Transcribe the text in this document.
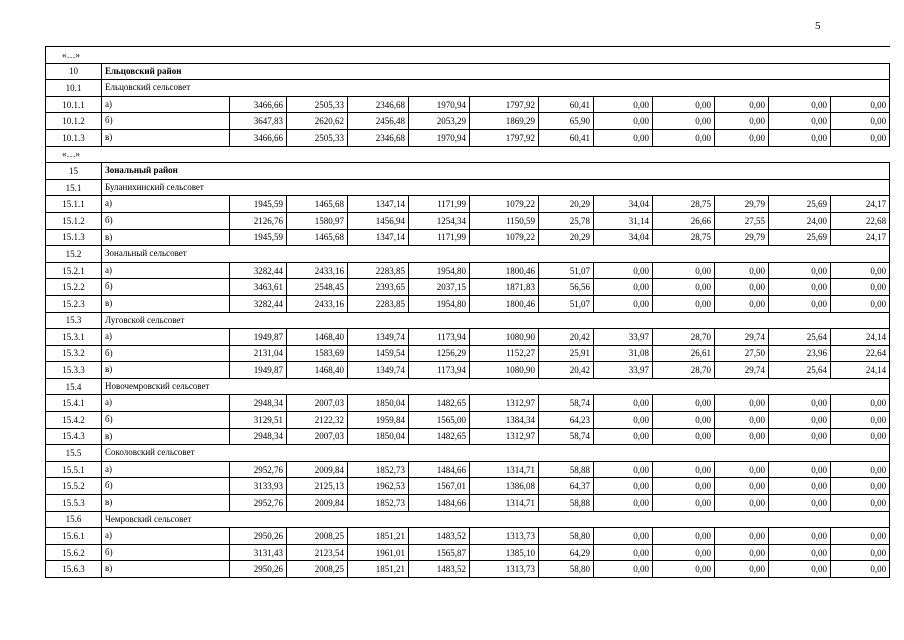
5
«…»												
10	Ельцовский район											
10.1	Ельцовский сельсовет											
10.1.1	а)	3466,66	2505,33	2346,68	1970,94	1797,92	60,41	0,00	0,00	0,00	0,00	0,00
10.1.2	б)	3647,83	2620,62	2456,48	2053,29	1869,29	65,90	0,00	0,00	0,00	0,00	0,00
10.1.3	в)	3466,66	2505,33	2346,68	1970,94	1797,92	60,41	0,00	0,00	0,00	0,00	0,00
«…»												
15	Зональный район											
15.1	Буланихинский сельсовет											
15.1.1	а)	1945,59	1465,68	1347,14	1171,99	1079,22	20,29	34,04	28,75	29,79	25,69	24,17
15.1.2	б)	2126,76	1580,97	1456,94	1254,34	1150,59	25,78	31,14	26,66	27,55	24,00	22,68
15.1.3	в)	1945,59	1465,68	1347,14	1171,99	1079,22	20,29	34,04	28,75	29,79	25,69	24,17
15.2	Зональный сельсовет											
15.2.1	а)	3282,44	2433,16	2283,85	1954,80	1800,46	51,07	0,00	0,00	0,00	0,00	0,00
15.2.2	б)	3463,61	2548,45	2393,65	2037,15	1871,83	56,56	0,00	0,00	0,00	0,00	0,00
15.2.3	в)	3282,44	2433,16	2283,85	1954,80	1800,46	51,07	0,00	0,00	0,00	0,00	0,00
15.3	Луговской сельсовет											
15.3.1	а)	1949,87	1468,40	1349,74	1173,94	1080,90	20,42	33,97	28,70	29,74	25,64	24,14
15.3.2	б)	2131,04	1583,69	1459,54	1256,29	1152,27	25,91	31,08	26,61	27,50	23,96	22,64
15.3.3	в)	1949,87	1468,40	1349,74	1173,94	1080,90	20,42	33,97	28,70	29,74	25,64	24,14
15.4	Новочемровский сельсовет											
15.4.1	а)	2948,34	2007,03	1850,04	1482,65	1312,97	58,74	0,00	0,00	0,00	0,00	0,00
15.4.2	б)	3129,51	2122,32	1959,84	1565,00	1384,34	64,23	0,00	0,00	0,00	0,00	0,00
15.4.3	в)	2948,34	2007,03	1850,04	1482,65	1312,97	58,74	0,00	0,00	0,00	0,00	0,00
15.5	Соколовский сельсовет											
15.5.1	а)	2952,76	2009,84	1852,73	1484,66	1314,71	58,88	0,00	0,00	0,00	0,00	0,00
15.5.2	б)	3133,93	2125,13	1962,53	1567,01	1386,08	64,37	0,00	0,00	0,00	0,00	0,00
15.5.3	в)	2952,76	2009,84	1852,73	1484,66	1314,71	58,88	0,00	0,00	0,00	0,00	0,00
15.6	Чемровский сельсовет											
15.6.1	а)	2950,26	2008,25	1851,21	1483,52	1313,73	58,80	0,00	0,00	0,00	0,00	0,00
15.6.2	б)	3131,43	2123,54	1961,01	1565,87	1385,10	64,29	0,00	0,00	0,00	0,00	0,00
15.6.3	в)	2950,26	2008,25	1851,21	1483,52	1313,73	58,80	0,00	0,00	0,00	0,00	0,00
